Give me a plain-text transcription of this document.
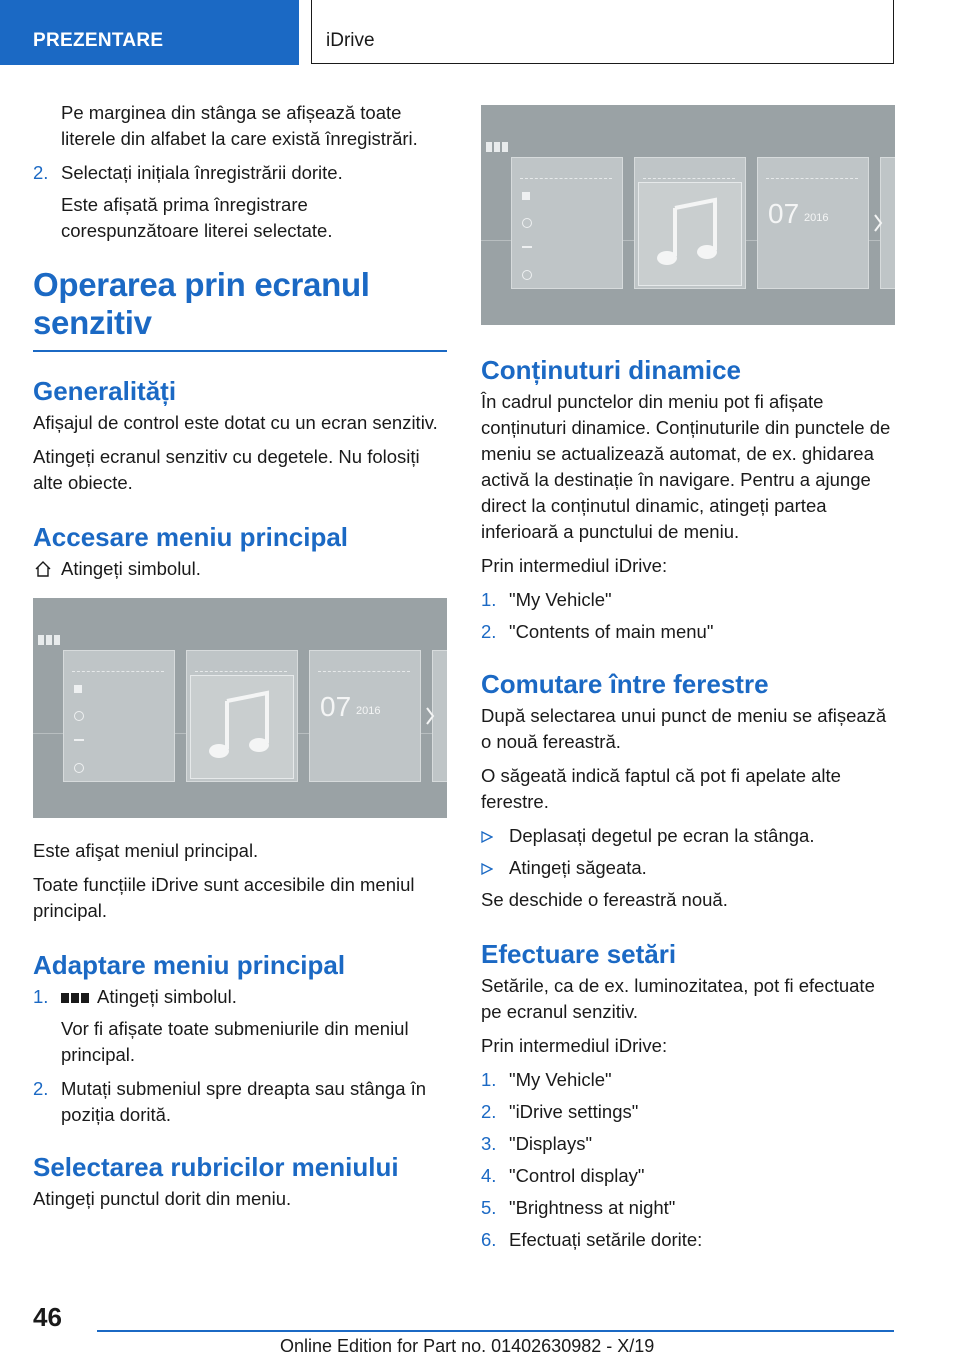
PREZENTARE	iDrive

Pe marginea din stânga se afișează toate literele din alfabet la care există înregistrări.

2. Selectați inițiala înregistrării dorite.

Este afișată prima înregistrare corespunzătoare literei selectate.

Operarea prin ecranul senzitiv
Generalități

Afișajul de control este dotat cu un ecran senzitiv.

Atingeți ecranul senzitiv cu degetele. Nu folosiți alte obiecte.

Accesare meniu principal
Atingeți simbolul.
07 2016

Este afişat meniul principal.

Toate funcțiile iDrive sunt accesibile din meniul principal.

Adaptare meniu principal
1.	Atingeți simbolul.

Vor fi afișate toate submeniurile din meniul principal.

2. Mutați submeniul spre dreapta sau stânga în poziția dorită.
Selectarea rubricilor meniului

Atingeți punctul dorit din meniu.

07 2016
Conținuturi dinamice

În cadrul punctelor din meniu pot fi afișate conținuturi dinamice. Conținuturile din punctele de meniu se actualizează automat, de ex. ghidarea activă la destinație în navigare. Pentru a ajunge direct la conținutul dinamic, atingeți partea inferioară a punctului de meniu.

Prin intermediul iDrive:

1. "My Vehicle"
2. "Contents of main menu"
Comutare între ferestre

După selectarea unui punct de meniu se afișează o nouă fereastră.

O săgeată indică faptul că pot fi apelate alte ferestre.

Deplasați degetul pe ecran la stânga.
Atingeți săgeata.

Se deschide o fereastră nouă.

Efectuare setări

Setările, ca de ex. luminozitatea, pot fi efectuate pe ecranul senzitiv.

Prin intermediul iDrive:

1. "My Vehicle"
2. "iDrive settings"
3. "Displays"
4. "Control display"
5. "Brightness at night"
6. Efectuați setările dorite:
46
Online Edition for Part no. 01402630982 - X/19
